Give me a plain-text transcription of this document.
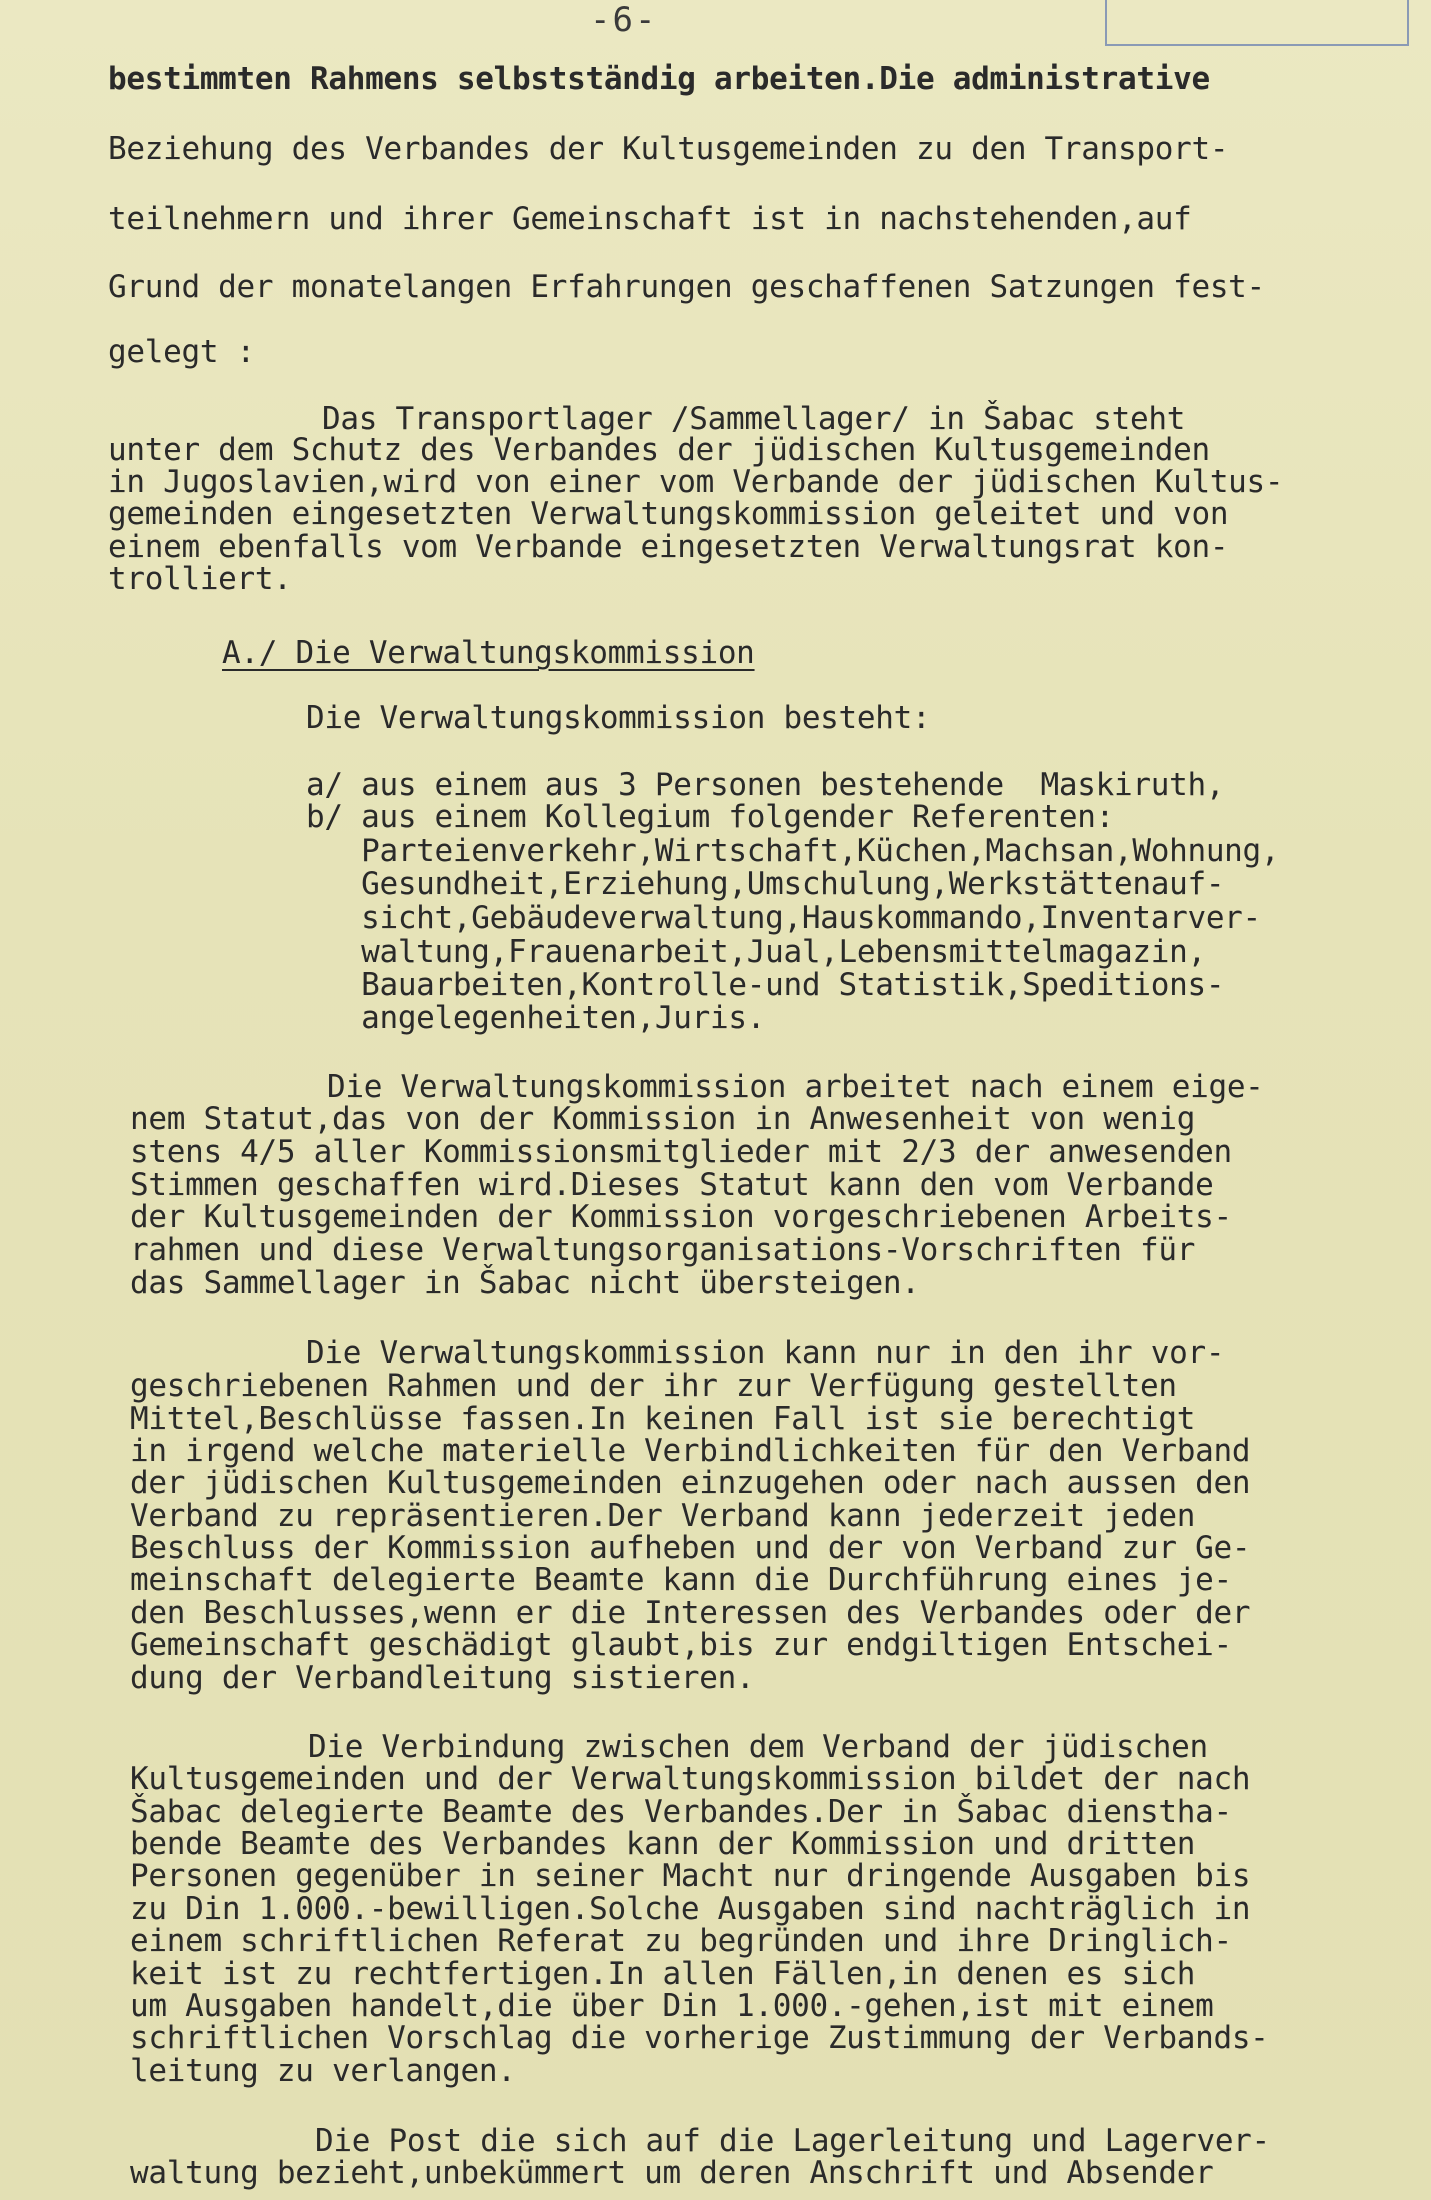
-6-
bestimmten Rahmens selbstständig arbeiten.Die administrative
Beziehung des Verbandes der Kultusgemeinden zu den Transport-
teilnehmern und ihrer Gemeinschaft ist in nachstehenden,auf
Grund der monatelangen Erfahrungen geschaffenen Satzungen fest-
gelegt :
Das Transportlager /Sammellager/ in Šabac steht
unter dem Schutz des Verbandes der jüdischen Kultusgemeinden
in Jugoslavien,wird von einer vom Verbande der jüdischen Kultus-
gemeinden eingesetzten Verwaltungskommission geleitet und von
einem ebenfalls vom Verbande eingesetzten Verwaltungsrat kon-
trolliert.
A./ Die Verwaltungskommission
Die Verwaltungskommission besteht:
a/ aus einem aus 3 Personen bestehende  Maskiruth,
b/ aus einem Kollegium folgender Referenten:
Parteienverkehr,Wirtschaft,Küchen,Machsan,Wohnung,
Gesundheit,Erziehung,Umschulung,Werkstättenauf-
sicht,Gebäudeverwaltung,Hauskommando,Inventarver-
waltung,Frauenarbeit,Jual,Lebensmittelmagazin,
Bauarbeiten,Kontrolle-und Statistik,Speditions-
angelegenheiten,Juris.
Die Verwaltungskommission arbeitet nach einem eige-
nem Statut,das von der Kommission in Anwesenheit von wenig
stens 4/5 aller Kommissionsmitglieder mit 2/3 der anwesenden
Stimmen geschaffen wird.Dieses Statut kann den vom Verbande
der Kultusgemeinden der Kommission vorgeschriebenen Arbeits-
rahmen und diese Verwaltungsorganisations-Vorschriften für
das Sammellager in Šabac nicht übersteigen.
Die Verwaltungskommission kann nur in den ihr vor-
geschriebenen Rahmen und der ihr zur Verfügung gestellten
Mittel,Beschlüsse fassen.In keinen Fall ist sie berechtigt
in irgend welche materielle Verbindlichkeiten für den Verband
der jüdischen Kultusgemeinden einzugehen oder nach aussen den
Verband zu repräsentieren.Der Verband kann jederzeit jeden
Beschluss der Kommission aufheben und der von Verband zur Ge-
meinschaft delegierte Beamte kann die Durchführung eines je-
den Beschlusses,wenn er die Interessen des Verbandes oder der
Gemeinschaft geschädigt glaubt,bis zur endgiltigen Entschei-
dung der Verbandleitung sistieren.
Die Verbindung zwischen dem Verband der jüdischen
Kultusgemeinden und der Verwaltungskommission bildet der nach
Šabac delegierte Beamte des Verbandes.Der in Šabac dienstha-
bende Beamte des Verbandes kann der Kommission und dritten
Personen gegenüber in seiner Macht nur dringende Ausgaben bis
zu Din 1.000.-bewilligen.Solche Ausgaben sind nachträglich in
einem schriftlichen Referat zu begründen und ihre Dringlich-
keit ist zu rechtfertigen.In allen Fällen,in denen es sich
um Ausgaben handelt,die über Din 1.000.-gehen,ist mit einem
schriftlichen Vorschlag die vorherige Zustimmung der Verbands-
leitung zu verlangen.
Die Post die sich auf die Lagerleitung und Lagerver-
waltung bezieht,unbekümmert um deren Anschrift und Absender
